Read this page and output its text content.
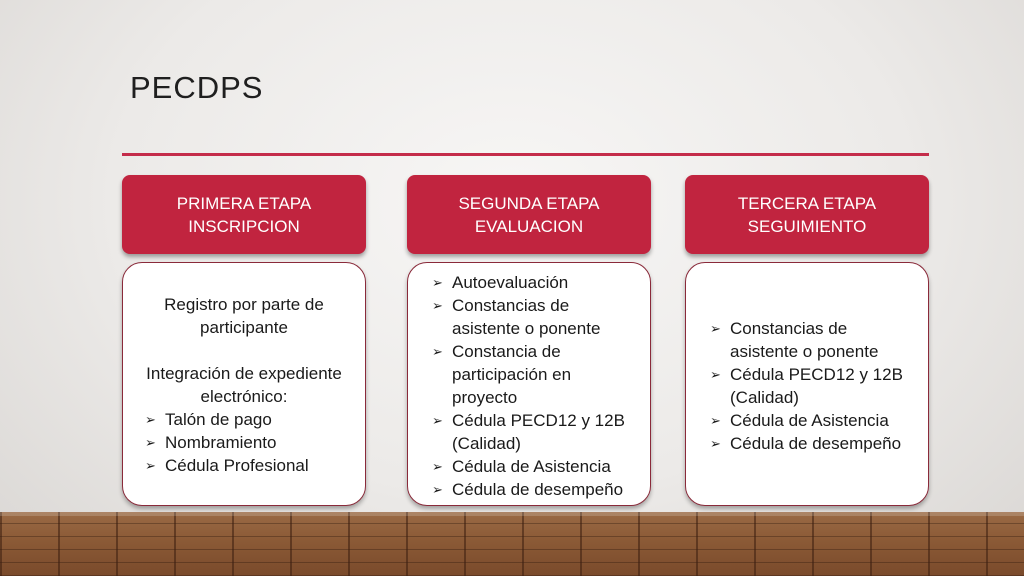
PECDPS
PRIMERA ETAPA
INSCRIPCION
SEGUNDA ETAPA
EVALUACION
TERCERA ETAPA
SEGUIMIENTO
Registro por parte de
participante
Integración de expediente
electrónico:
➢ Talón de pago
➢ Nombramiento
➢ Cédula Profesional
➢ Autoevaluación
➢ Constancias de
asistente o ponente
➢ Constancia de
participación en
proyecto
➢ Cédula PECD12 y 12B
(Calidad)
➢ Cédula de Asistencia
➢ Cédula de desempeño
➢ Constancias de
asistente o ponente
➢ Cédula PECD12 y 12B
(Calidad)
➢ Cédula de Asistencia
➢ Cédula de desempeño
